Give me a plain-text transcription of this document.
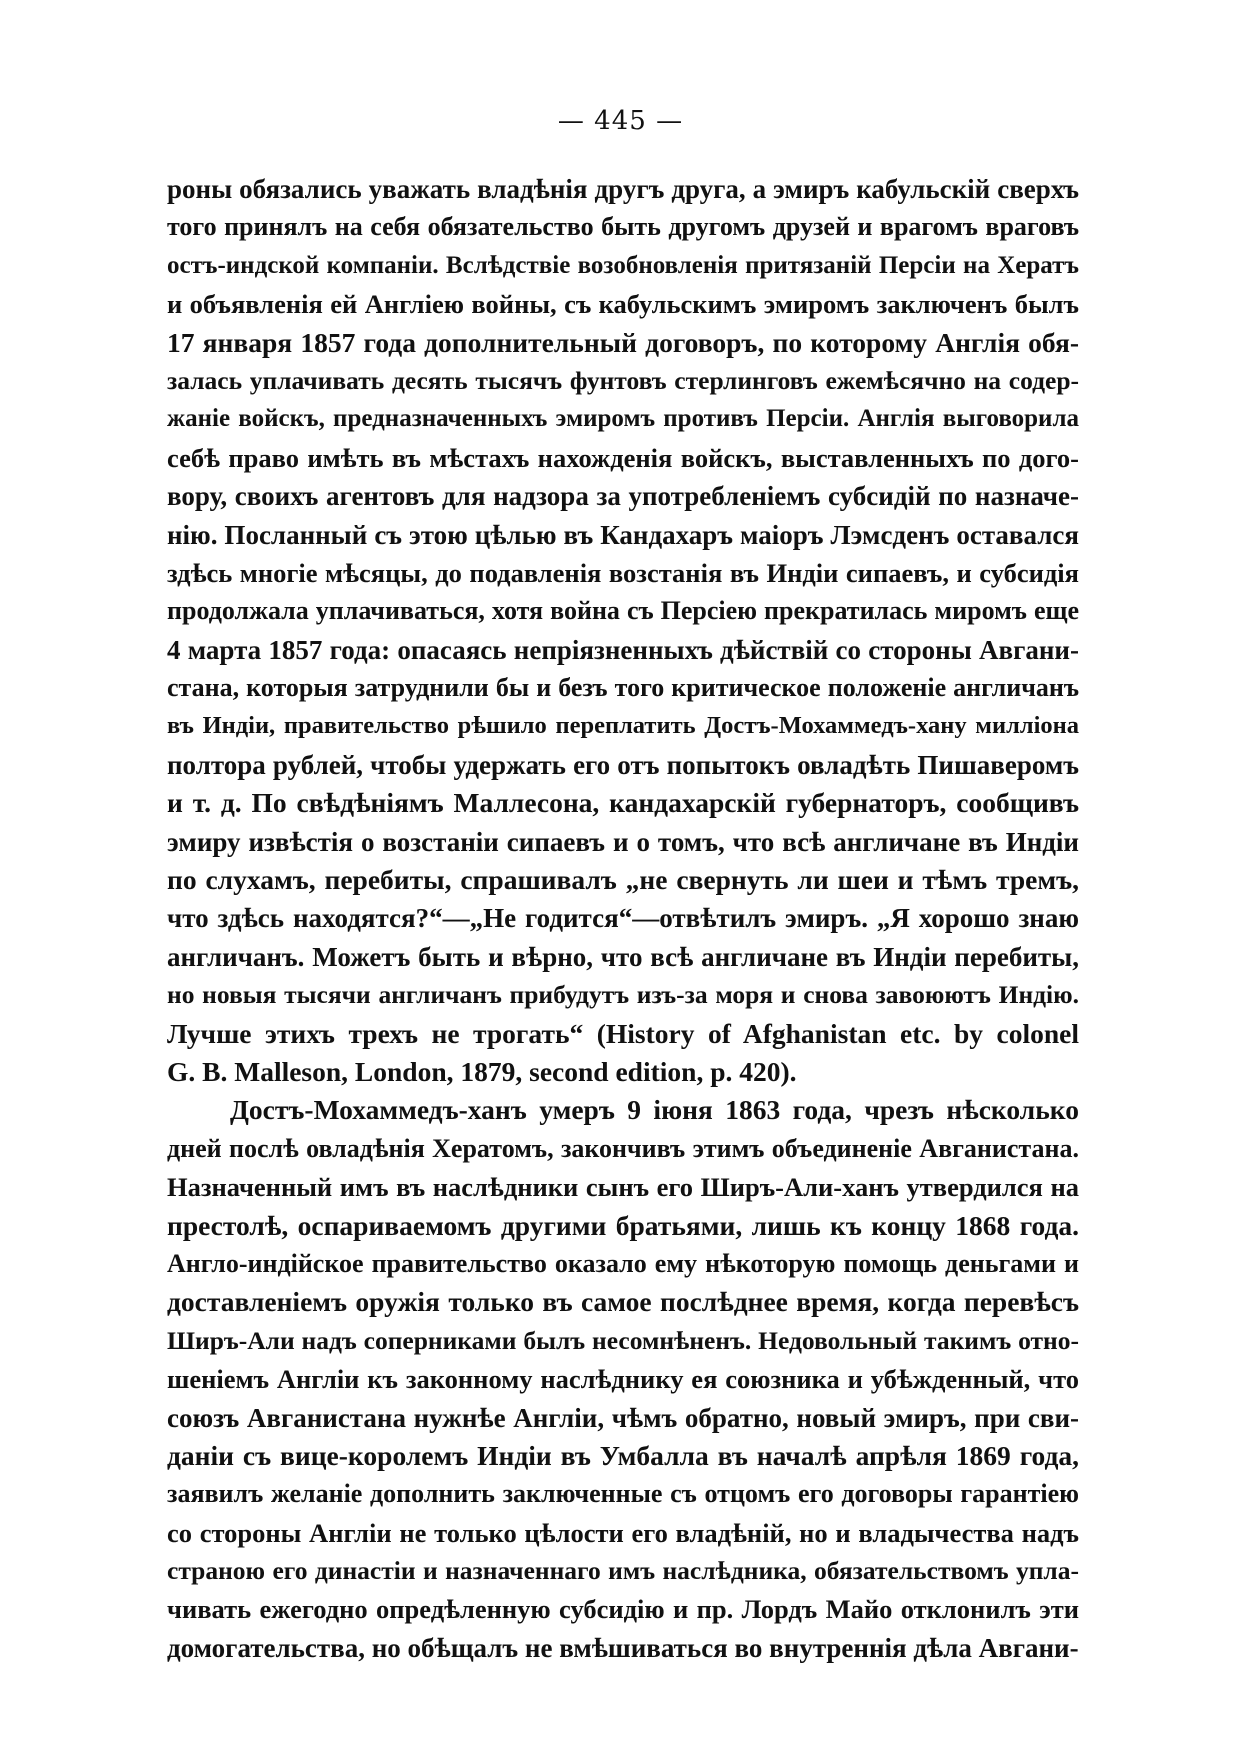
— 445 —
роны обязались уважать владѣнія другъ друга, а эмиръ кабульскій сверхъ
того принялъ на себя обязательство быть другомъ друзей и врагомъ враговъ
остъ-индской компаніи. Вслѣдствіе возобновленія притязаній Персіи на Хератъ
и объявленія ей Англіею войны, съ кабульскимъ эмиромъ заключенъ былъ
17 января 1857 года дополнительный договоръ, по которому Англія обя-
залась уплачивать десять тысячъ фунтовъ стерлинговъ ежемѣсячно на содер-
жаніе войскъ, предназначенныхъ эмиромъ противъ Персіи. Англія выговорила
себѣ право имѣть въ мѣстахъ нахожденія войскъ, выставленныхъ по дого-
вору, своихъ агентовъ для надзора за употребленіемъ субсидій по назначе-
нію. Посланный съ этою цѣлью въ Кандахаръ маіоръ Лэмсденъ оставался
здѣсь многіе мѣсяцы, до подавленія возстанія въ Индіи сипаевъ, и субсидія
продолжала уплачиваться, хотя война съ Персіею прекратилась миромъ еще
4 марта 1857 года: опасаясь непріязненныхъ дѣйствій со стороны Авгани-
стана, которыя затруднили бы и безъ того критическое положеніе англичанъ
въ Индіи, правительство рѣшило переплатить Достъ-Мохаммедъ-хану милліона
полтора рублей, чтобы удержать его отъ попытокъ овладѣть Пишаверомъ
и т. д. По свѣдѣніямъ Маллесона, кандахарскій губернаторъ, сообщивъ
эмиру извѣстія о возстаніи сипаевъ и о томъ, что всѣ англичане въ Индіи
по слухамъ, перебиты, спрашивалъ „не свернуть ли шеи и тѣмъ тремъ,
что здѣсь находятся?“—„Не годится“—отвѣтилъ эмиръ. „Я хорошо знаю
англичанъ. Можетъ быть и вѣрно, что всѣ англичане въ Индіи перебиты,
но новыя тысячи англичанъ прибудутъ изъ-за моря и снова завоюютъ Индію.
Лучше этихъ трехъ не трогать“ (History of Afghanistan etc. by colonel
G. B. Malleson, London, 1879, second edition, p. 420).
Достъ-Мохаммедъ-ханъ умеръ 9 іюня 1863 года, чрезъ нѣсколько
дней послѣ овладѣнія Хератомъ, закончивъ этимъ объединеніе Авганистана.
Назначенный имъ въ наслѣдники сынъ его Ширъ-Али-ханъ утвердился на
престолѣ, оспариваемомъ другими братьями, лишь къ концу 1868 года.
Англо-индійское правительство оказало ему нѣкоторую помощь деньгами и
доставленіемъ оружія только въ самое послѣднее время, когда перевѣсъ
Ширъ-Али надъ соперниками былъ несомнѣненъ. Недовольный такимъ отно-
шеніемъ Англіи къ законному наслѣднику ея союзника и убѣжденный, что
союзъ Авганистана нужнѣе Англіи, чѣмъ обратно, новый эмиръ, при сви-
даніи съ вице-королемъ Индіи въ Умбалла въ началѣ апрѣля 1869 года,
заявилъ желаніе дополнить заключенные съ отцомъ его договоры гарантіею
со стороны Англіи не только цѣлости его владѣній, но и владычества надъ
страною его династіи и назначеннаго имъ наслѣдника, обязательствомъ упла-
чивать ежегодно опредѣленную субсидію и пр. Лордъ Майо отклонилъ эти
домогательства, но обѣщалъ не вмѣшиваться во внутреннія дѣла Авгани-
